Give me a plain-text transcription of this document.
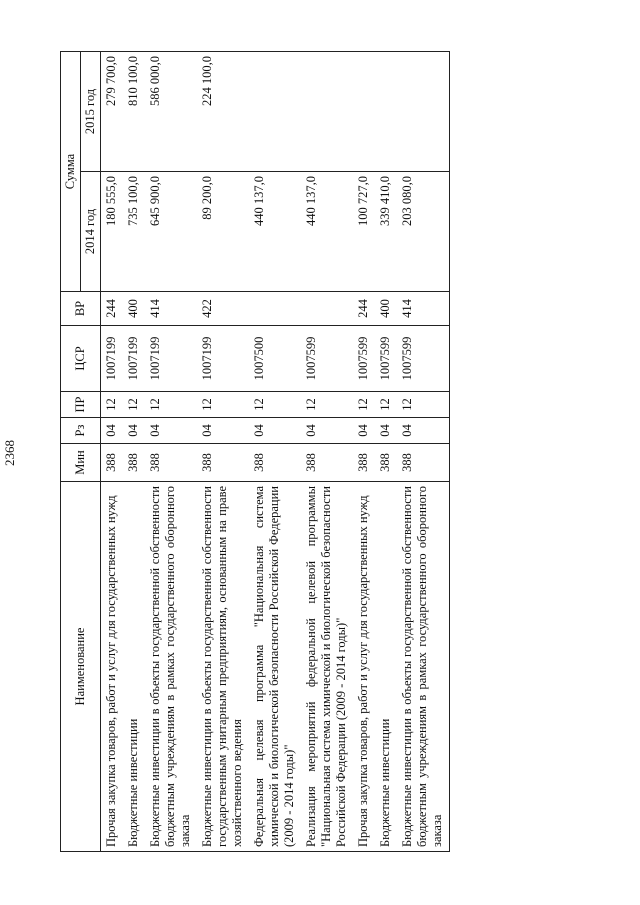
2368
Наименование	Мин	Рз	ПР	ЦСР	ВР	Сумма	
						2014 год	2015 год
Прочая закупка товаров, работ и услуг для государственных нужд	388	04	12	1007199	244	180 555,0	279 700,0
Бюджетные инвестиции	388	04	12	1007199	400	735 100,0	810 100,0
Бюджетные инвестиции в объекты государственной собственности бюджетным учреждениям в рамках государственного оборонного заказа	388	04	12	1007199	414	645 900,0	586 000,0
Бюджетные инвестиции в объекты государственной собственности государственным унитарным предприятиям, основанным на праве хозяйственного ведения	388	04	12	1007199	422	89 200,0	224 100,0
Федеральная целевая программа "Национальная система химической и биологической безопасности Российской Федерации (2009 - 2014 годы)"	388	04	12	1007500		440 137,0	
Реализация мероприятий федеральной целевой программы "Национальная система химической и биологической безопасности Российской Федерации (2009 - 2014 годы)"	388	04	12	1007599		440 137,0	
Прочая закупка товаров, работ и услуг для государственных нужд	388	04	12	1007599	244	100 727,0	
Бюджетные инвестиции	388	04	12	1007599	400	339 410,0	
Бюджетные инвестиции в объекты государственной собственности бюджетным учреждениям в рамках государственного оборонного заказа	388	04	12	1007599	414	203 080,0	
